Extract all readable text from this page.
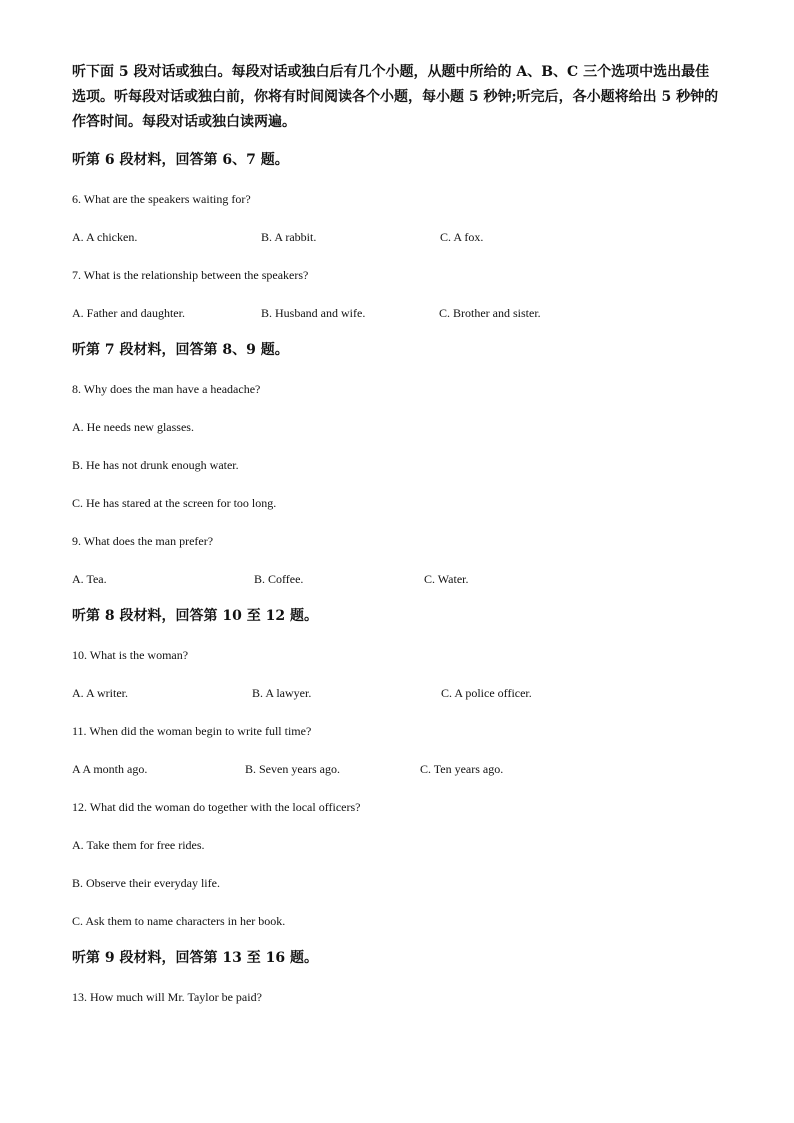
听下面 5 段对话或独白。每段对话或独白后有几个小题，从题中所给的 A、B、C 三个选项中选出最佳选项。听每段对话或独白前，你将有时间阅读各个小题，每小题 5 秒钟;听完后，各小题将给出 5 秒钟的作答时间。每段对话或独白读两遍。

听第 6 段材料，回答第 6、7 题。

6. What are the speakers waiting for?

A. A chicken.	B. A rabbit.	C. A fox.

7. What is the relationship between the speakers?

A. Father and daughter.	B. Husband and wife.	C. Brother and sister.

听第 7 段材料，回答第 8、9 题。

8. Why does the man have a headache?

A. He needs new glasses.

B. He has not drunk enough water.

C. He has stared at the screen for too long.

9. What does the man prefer?

A. Tea.	B. Coffee.	C. Water.

听第 8 段材料，回答第 10 至 12 题。

10. What is the woman?

A. A writer.	B. A lawyer.	C. A police officer.

11. When did the woman begin to write full time?

A A month ago.	B. Seven years ago.	C. Ten years ago.

12. What did the woman do together with the local officers?

A. Take them for free rides.

B. Observe their everyday life.

C. Ask them to name characters in her book.

听第 9 段材料，回答第 13 至 16 题。

13. How much will Mr. Taylor be paid?
